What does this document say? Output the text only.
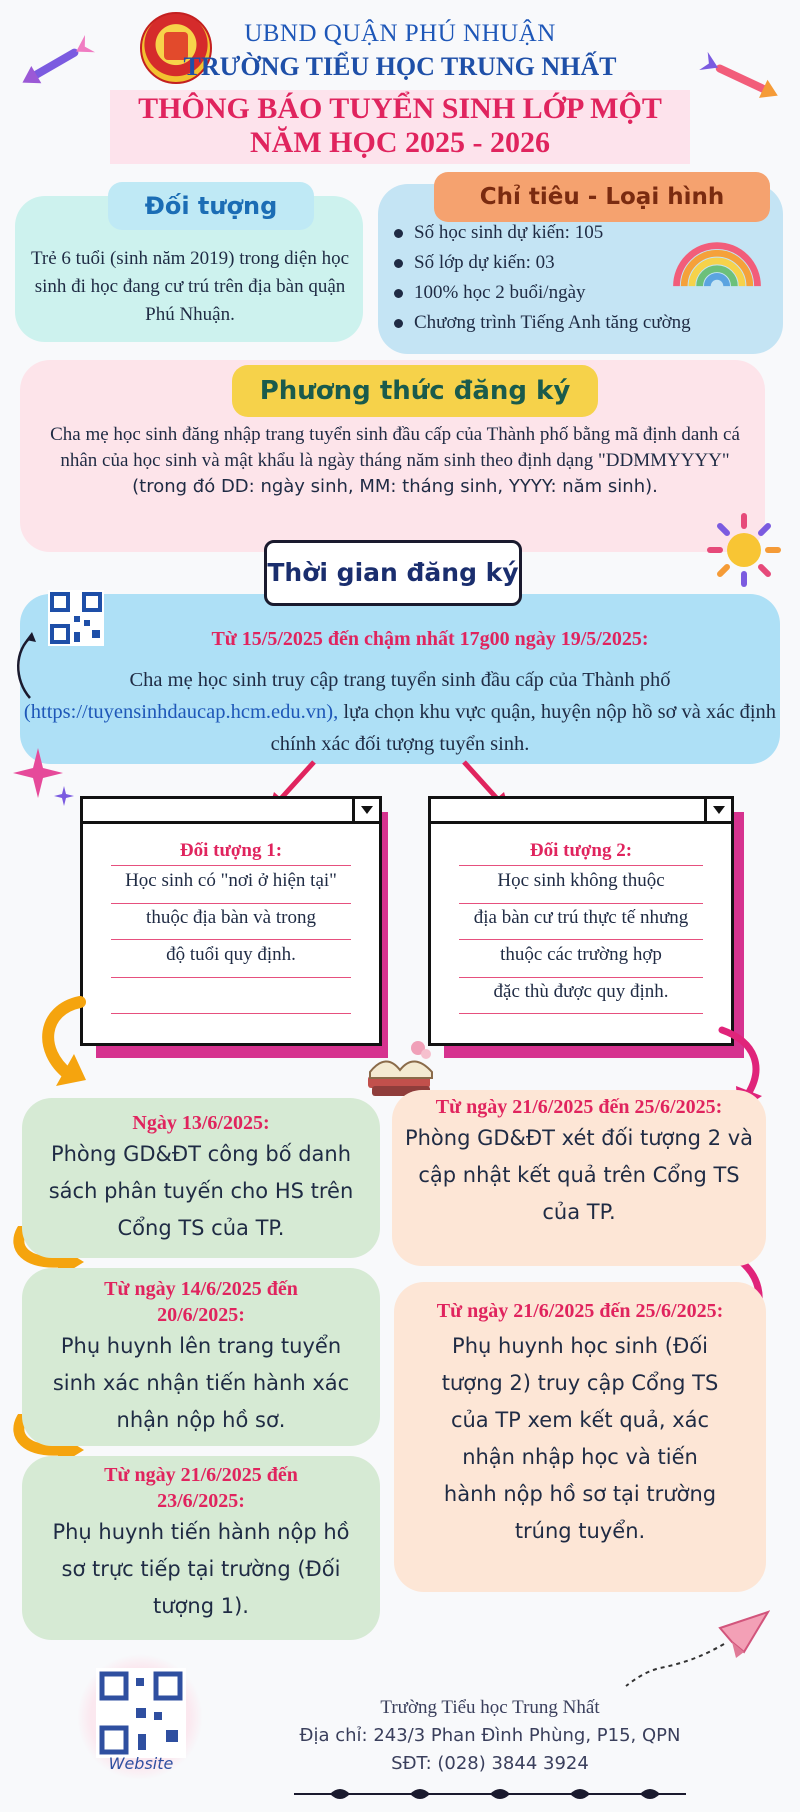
UBND QUẬN PHÚ NHUẬN
TRƯỜNG TIỂU HỌC TRUNG NHẤT
THÔNG BÁO TUYỂN SINH LỚP MỘT
NĂM HỌC 2025 - 2026
Đối tượng
Trẻ 6 tuổi (sinh năm 2019) trong diện học sinh đi học đang cư trú trên địa bàn quận Phú Nhuận.
Chỉ tiêu - Loại hình
Số học sinh dự kiến: 105
Số lớp dự kiến: 03
100% học 2 buổi/ngày
Chương trình Tiếng Anh tăng cường
Phương thức đăng ký
Cha mẹ học sinh đăng nhập trang tuyển sinh đầu cấp của Thành phố bằng mã định danh cá nhân của học sinh và mật khẩu là ngày tháng năm sinh theo định dạng "DDMMYYYY"
(trong đó DD: ngày sinh, MM: tháng sinh, YYYY: năm sinh).
Thời gian đăng ký
Từ 15/5/2025 đến chậm nhất 17g00 ngày 19/5/2025:
Cha mẹ học sinh truy cập trang tuyển sinh đầu cấp của Thành phố (https://tuyensinhdaucap.hcm.edu.vn), lựa chọn khu vực quận, huyện nộp hồ sơ và xác định chính xác đối tượng tuyển sinh.
Đối tượng 1:
Học sinh có "nơi ở hiện tại"
thuộc địa bàn và trong
độ tuổi quy định.
Đối tượng 2:
Học sinh không thuộc
địa bàn cư trú thực tế nhưng
thuộc các trường hợp
đặc thù được quy định.
Ngày 13/6/2025:
Phòng GD&ĐT công bố danh sách phân tuyến cho HS trên Cổng TS của TP.
Từ ngày 14/6/2025 đến 20/6/2025:
Phụ huynh lên trang tuyển sinh xác nhận tiến hành xác nhận nộp hồ sơ.
Từ ngày 21/6/2025 đến 23/6/2025:
Phụ huynh tiến hành nộp hồ sơ trực tiếp tại trường (Đối tượng 1).
Từ ngày 21/6/2025 đến 25/6/2025:
Phòng GD&ĐT xét đối tượng 2 và cập nhật kết quả trên Cổng TS của TP.
Từ ngày 21/6/2025 đến 25/6/2025:
Phụ huynh học sinh (Đối tượng 2) truy cập Cổng TS của TP xem kết quả, xác nhận nhập học và tiến hành nộp hồ sơ tại trường trúng tuyển.
Website
Trường Tiểu học Trung Nhất
Địa chỉ: 243/3 Phan Đình Phùng, P15, QPN
SĐT: (028) 3844 3924
